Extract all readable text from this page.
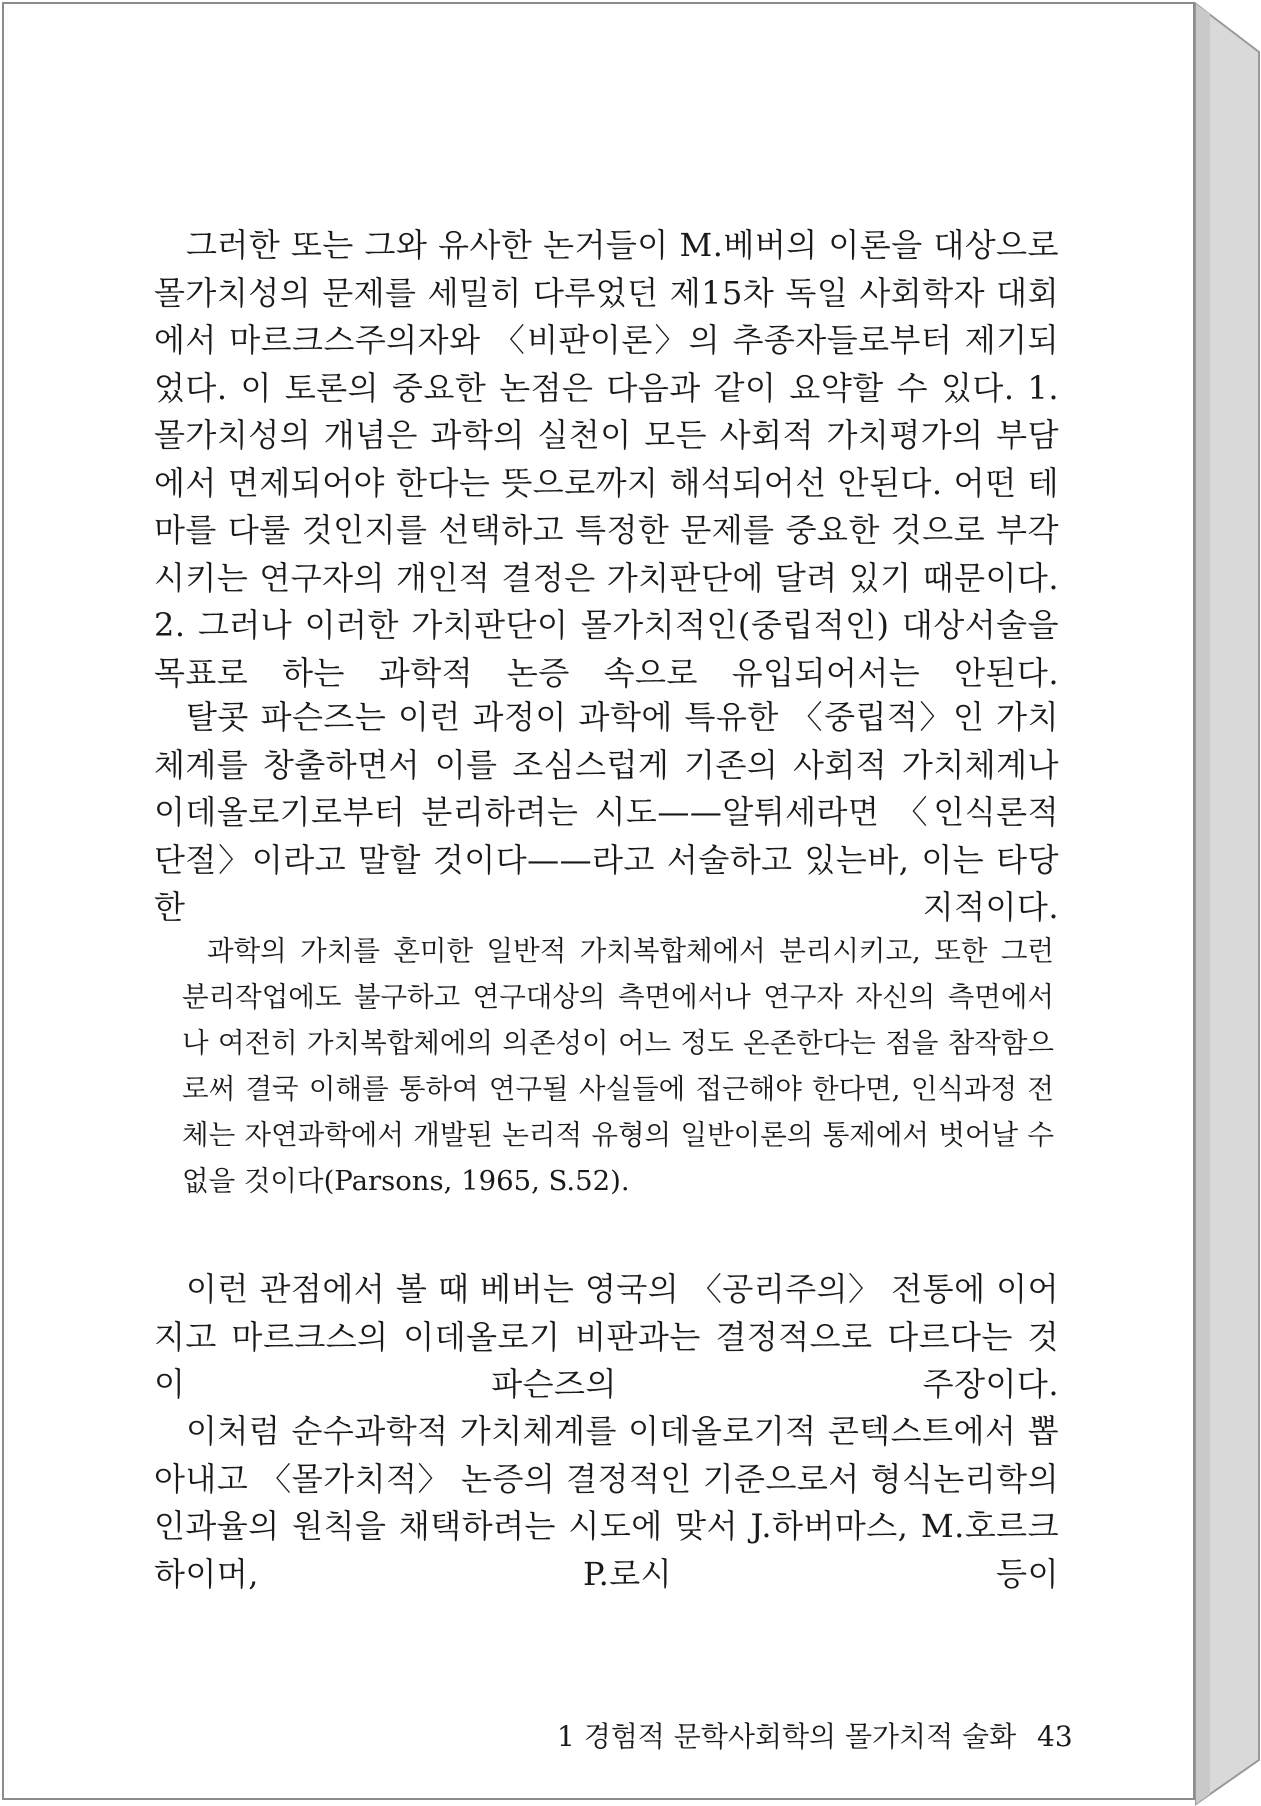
그러한 또는 그와 유사한 논거들이 M.베버의 이론을 대상으로 몰가치성의 문제를 세밀히 다루었던 제15차 독일 사회학자 대회에서 마르크스주의자와 〈비판이론〉의 추종자들로부터 제기되었다. 이 토론의 중요한 논점은 다음과 같이 요약할 수 있다. 1. 몰가치성의 개념은 과학의 실천이 모든 사회적 가치평가의 부담에서 면제되어야 한다는 뜻으로까지 해석되어선 안된다. 어떤 테마를 다룰 것인지를 선택하고 특정한 문제를 중요한 것으로 부각시키는 연구자의 개인적 결정은 가치판단에 달려 있기 때문이다. 2. 그러나 이러한 가치판단이 몰가치적인(중립적인) 대상서술을 목표로 하는 과학적 논증 속으로 유입되어서는 안된다.

탈콧 파슨즈는 이런 과정이 과학에 특유한 〈중립적〉인 가치체계를 창출하면서 이를 조심스럽게 기존의 사회적 가치체계나 이데올로기로부터 분리하려는 시도——알튀세라면 〈인식론적 단절〉이라고 말할 것이다——라고 서술하고 있는바, 이는 타당한 지적이다.

과학의 가치를 혼미한 일반적 가치복합체에서 분리시키고, 또한 그런 분리작업에도 불구하고 연구대상의 측면에서나 연구자 자신의 측면에서나 여전히 가치복합체에의 의존성이 어느 정도 온존한다는 점을 참작함으로써 결국 이해를 통하여 연구될 사실들에 접근해야 한다면, 인식과정 전체는 자연과학에서 개발된 논리적 유형의 일반이론의 통제에서 벗어날 수 없을 것이다(Parsons, 1965, S.52).

이런 관점에서 볼 때 베버는 영국의 〈공리주의〉 전통에 이어지고 마르크스의 이데올로기 비판과는 결정적으로 다르다는 것이 파슨즈의 주장이다.

이처럼 순수과학적 가치체계를 이데올로기적 콘텍스트에서 뽑아내고 〈몰가치적〉 논증의 결정적인 기준으로서 형식논리학의 인과율의 원칙을 채택하려는 시도에 맞서 J.하버마스, M.호르크하이머, P.로시 등이

1 경험적 문학사회학의 몰가치적 술화 43
